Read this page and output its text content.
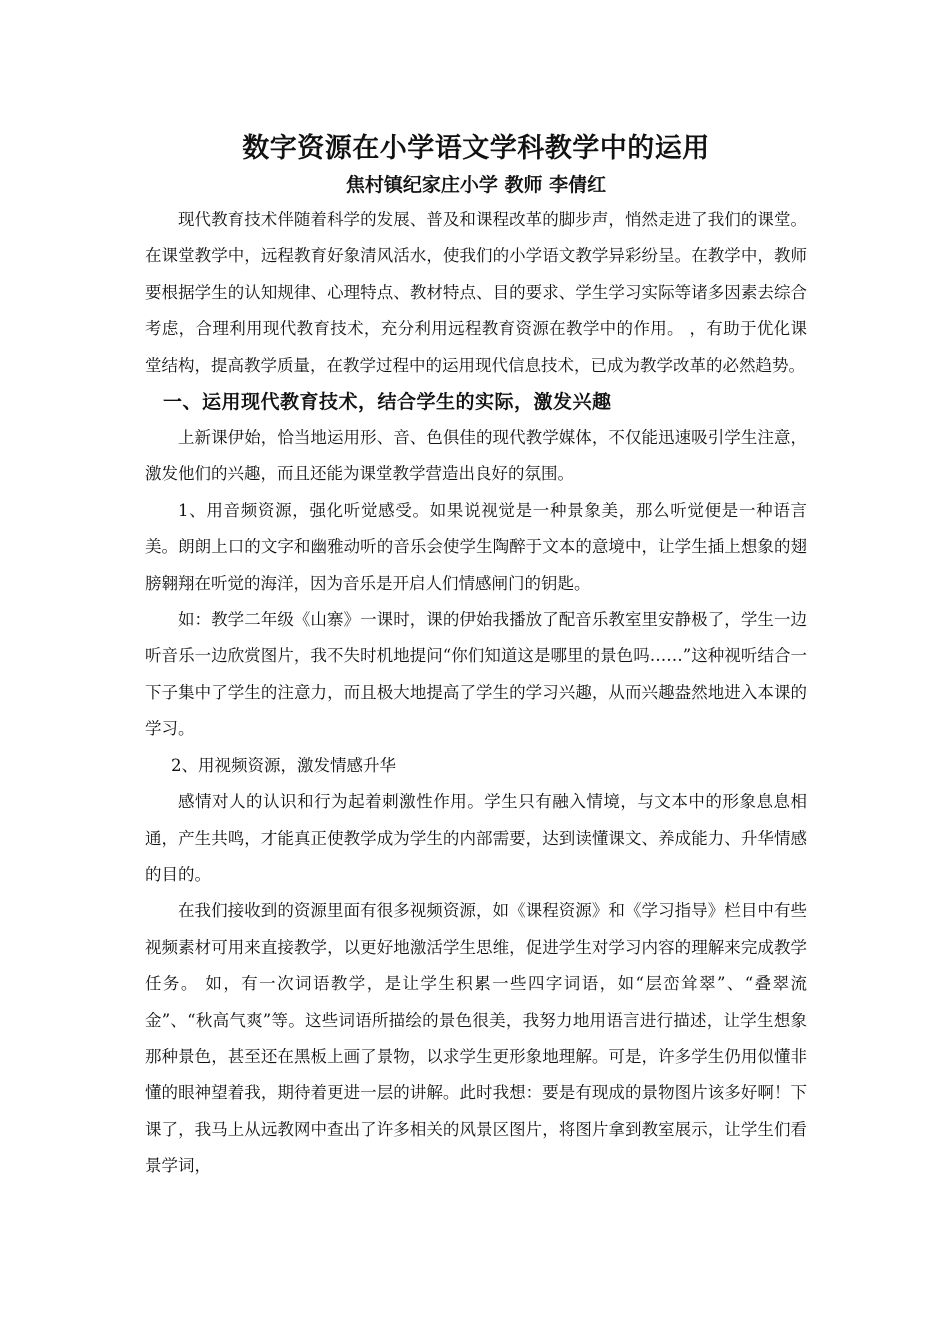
数字资源在小学语文学科教学中的运用
焦村镇纪家庄小学 教师 李倩红

现代教育技术伴随着科学的发展、普及和课程改革的脚步声，悄然走进了我们的课堂。在课堂教学中，远程教育好象清风活水，使我们的小学语文教学异彩纷呈。在教学中，教师要根据学生的认知规律、心理特点、教材特点、目的要求、学生学习实际等诸多因素去综合考虑，合理利用现代教育技术，充分利用远程教育资源在教学中的作用。 ，有助于优化课堂结构，提高教学质量，在教学过程中的运用现代信息技术，已成为教学改革的必然趋势。

一、运用现代教育技术，结合学生的实际，激发兴趣

上新课伊始，恰当地运用形、音、色俱佳的现代教学媒体，不仅能迅速吸引学生注意，激发他们的兴趣，而且还能为课堂教学营造出良好的氛围。

1、用音频资源，强化听觉感受。如果说视觉是一种景象美，那么听觉便是一种语言美。朗朗上口的文字和幽雅动听的音乐会使学生陶醉于文本的意境中，让学生插上想象的翅膀翱翔在听觉的海洋，因为音乐是开启人们情感闸门的钥匙。

如：教学二年级《山寨》一课时，课的伊始我播放了配音乐教室里安静极了，学生一边听音乐一边欣赏图片，我不失时机地提问“你们知道这是哪里的景色吗……”这种视听结合一下子集中了学生的注意力，而且极大地提高了学生的学习兴趣，从而兴趣盎然地进入本课的学习。

2、用视频资源，激发情感升华

感情对人的认识和行为起着刺激性作用。学生只有融入情境，与文本中的形象息息相通，产生共鸣，才能真正使教学成为学生的内部需要，达到读懂课文、养成能力、升华情感的目的。

在我们接收到的资源里面有很多视频资源，如《课程资源》和《学习指导》栏目中有些视频素材可用来直接教学，以更好地激活学生思维，促进学生对学习内容的理解来完成教学任务。 如，有一次词语教学，是让学生积累一些四字词语，如“层峦耸翠”、“叠翠流金”、“秋高气爽”等。这些词语所描绘的景色很美，我努力地用语言进行描述，让学生想象那种景色，甚至还在黑板上画了景物，以求学生更形象地理解。可是，许多学生仍用似懂非懂的眼神望着我，期待着更进一层的讲解。此时我想：要是有现成的景物图片该多好啊！下课了，我马上从远教网中查出了许多相关的风景区图片，将图片拿到教室展示，让学生们看景学词，
